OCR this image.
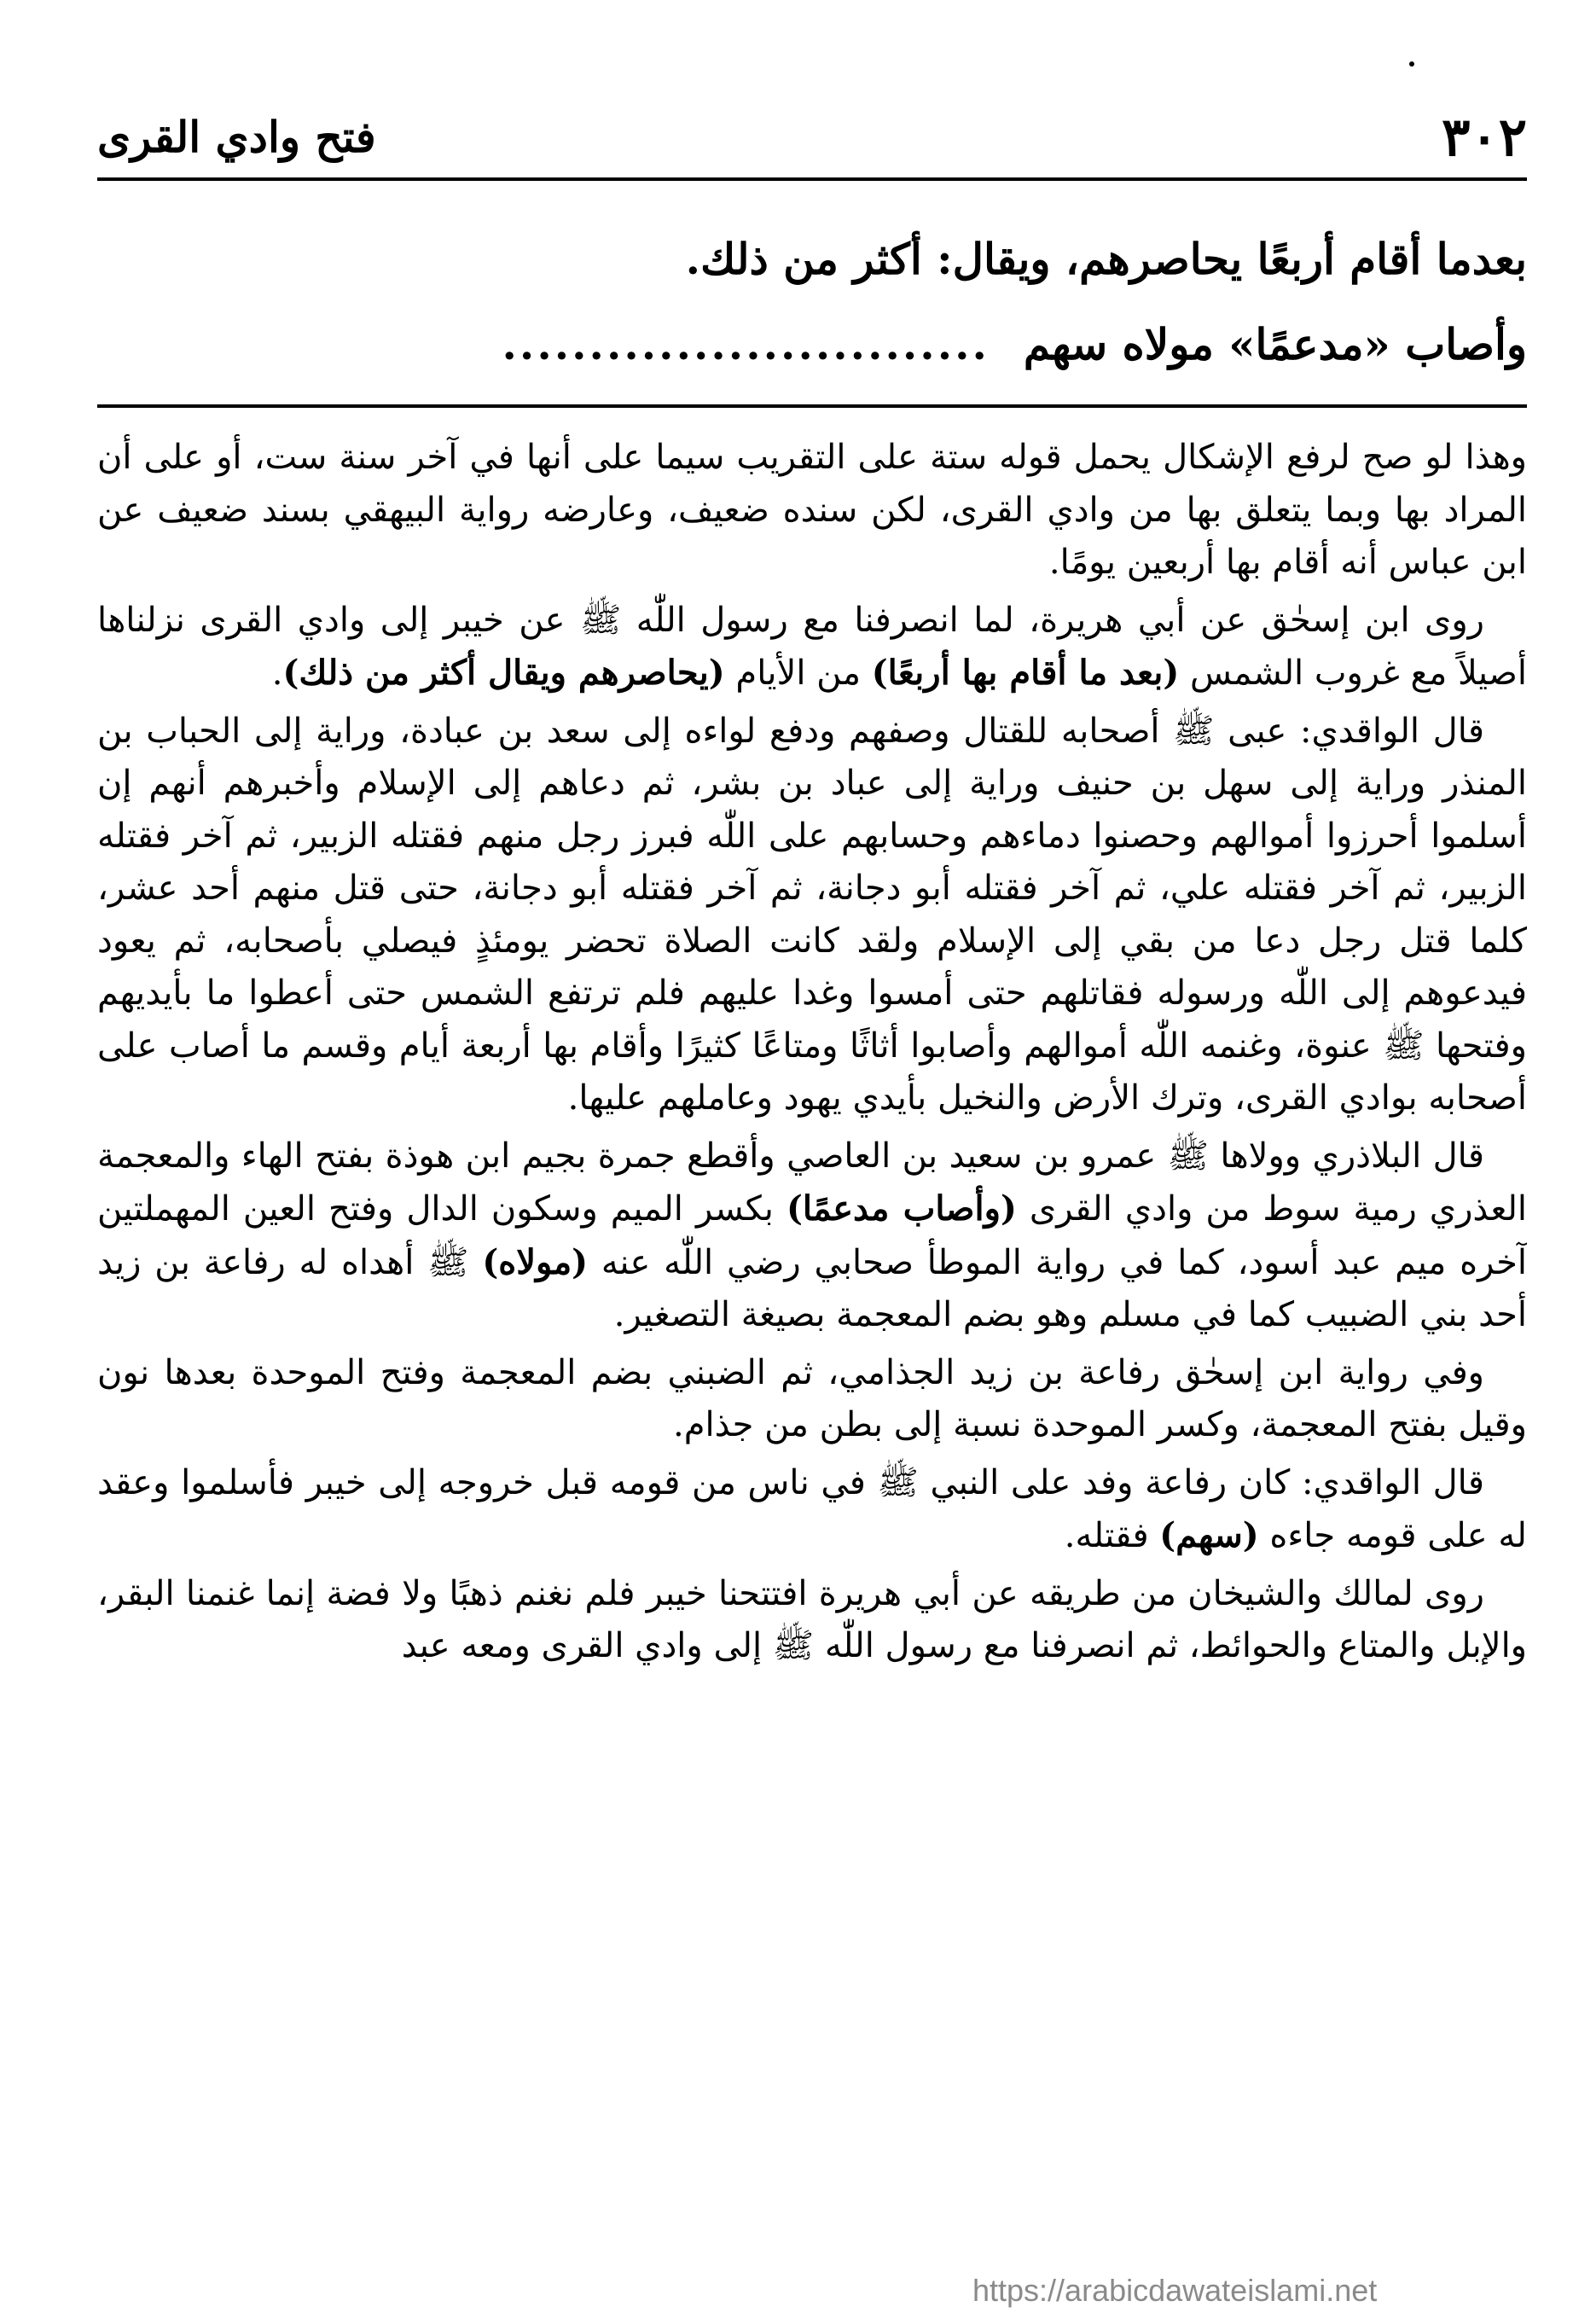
٣٠٢
فتح وادي القرى
بعدما أقام أربعًا يحاصرهم، ويقال: أكثر من ذلك.
وأصاب «مدعمًا» مولاه سهم
............................

وهذا لو صح لرفع الإشكال يحمل قوله ستة على التقريب سيما على أنها في آخر سنة ست، أو على أن المراد بها وبما يتعلق بها من وادي القرى، لكن سنده ضعيف، وعارضه رواية البيهقي بسند ضعيف عن ابن عباس أنه أقام بها أربعين يومًا.

روى ابن إسحٰق عن أبي هريرة، لما انصرفنا مع رسول اللّٰه ﷺ عن خيبر إلى وادي القرى نزلناها أصيلاً مع غروب الشمس (بعد ما أقام بها أربعًا) من الأيام (يحاصرهم ويقال أكثر من ذلك).

قال الواقدي: عبى ﷺ أصحابه للقتال وصفهم ودفع لواءه إلى سعد بن عبادة، وراية إلى الحباب بن المنذر وراية إلى سهل بن حنيف وراية إلى عباد بن بشر، ثم دعاهم إلى الإسلام وأخبرهم أنهم إن أسلموا أحرزوا أموالهم وحصنوا دماءهم وحسابهم على اللّٰه فبرز رجل منهم فقتله الزبير، ثم آخر فقتله الزبير، ثم آخر فقتله علي، ثم آخر فقتله أبو دجانة، ثم آخر فقتله أبو دجانة، حتى قتل منهم أحد عشر، كلما قتل رجل دعا من بقي إلى الإسلام ولقد كانت الصلاة تحضر يومئذٍ فيصلي بأصحابه، ثم يعود فيدعوهم إلى اللّٰه ورسوله فقاتلهم حتى أمسوا وغدا عليهم فلم ترتفع الشمس حتى أعطوا ما بأيديهم وفتحها ﷺ عنوة، وغنمه اللّٰه أموالهم وأصابوا أثاثًا ومتاعًا كثيرًا وأقام بها أربعة أيام وقسم ما أصاب على أصحابه بوادي القرى، وترك الأرض والنخيل بأيدي يهود وعاملهم عليها.

قال البلاذري وولاها ﷺ عمرو بن سعيد بن العاصي وأقطع جمرة بجيم ابن هوذة بفتح الهاء والمعجمة العذري رمية سوط من وادي القرى (وأصاب مدعمًا) بكسر الميم وسكون الدال وفتح العين المهملتين آخره ميم عبد أسود، كما في رواية الموطأ صحابي رضي اللّٰه عنه (مولاه) ﷺ أهداه له رفاعة بن زيد أحد بني الضبيب كما في مسلم وهو بضم المعجمة بصيغة التصغير.

وفي رواية ابن إسحٰق رفاعة بن زيد الجذامي، ثم الضبني بضم المعجمة وفتح الموحدة بعدها نون وقيل بفتح المعجمة، وكسر الموحدة نسبة إلى بطن من جذام.

قال الواقدي: كان رفاعة وفد على النبي ﷺ في ناس من قومه قبل خروجه إلى خيبر فأسلموا وعقد له على قومه جاءه (سهم) فقتله.

روى لمالك والشيخان من طريقه عن أبي هريرة افتتحنا خيبر فلم نغنم ذهبًا ولا فضة إنما غنمنا البقر، والإبل والمتاع والحوائط، ثم انصرفنا مع رسول اللّٰه ﷺ إلى وادي القرى ومعه عبد

https://arabicdawateislami.net
